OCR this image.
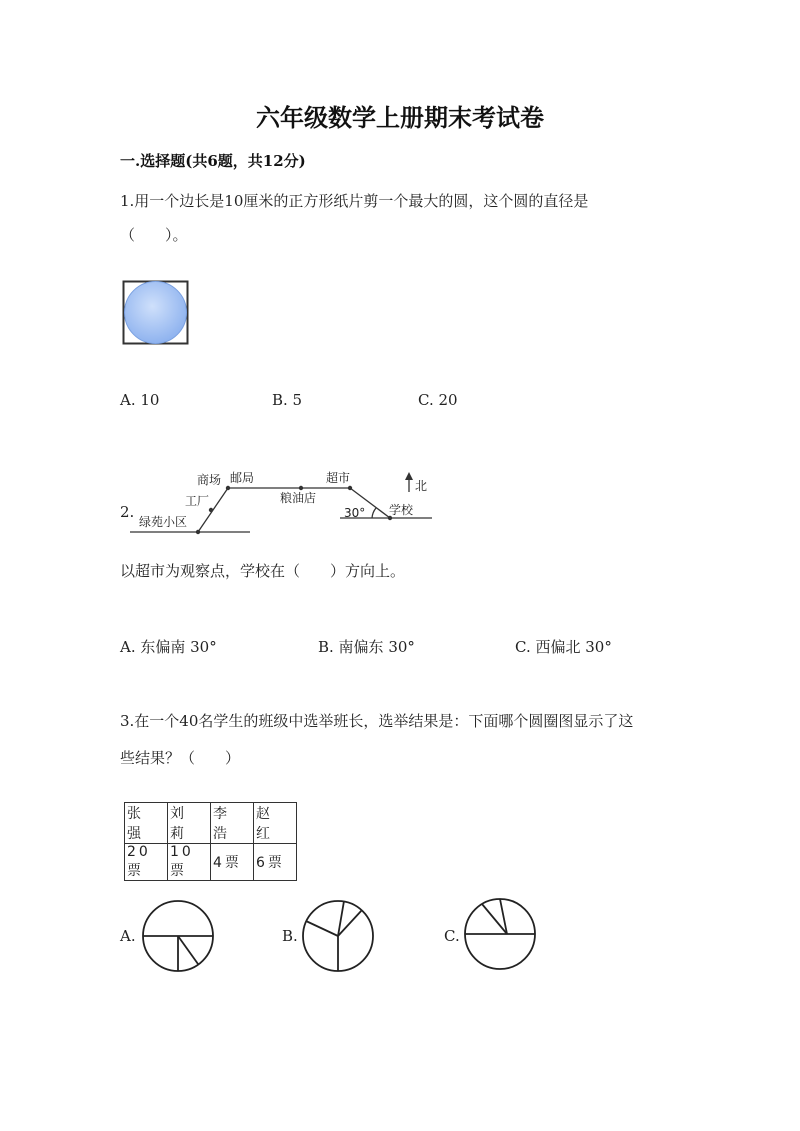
六年级数学上册期末考试卷
一.选择题(共6题，共12分)
1.用一个边长是10厘米的正方形纸片剪一个最大的圆，这个圆的直径是
（　　）。
A. 10	B. 5	C. 20
2.
商场 邮局	超市
北
工厂	粮油店
30° 学校
绿苑小区
以超市为观察点，学校在（　　）方向上。
A. 东偏南 30°	B. 南偏东 30°	C. 西偏北 30°
3.在一个40名学生的班级中选举班长，选举结果是：下面哪个圆圈图显示了这
些结果？（　　）
张 强	刘 莉	李 浩	赵 红
20票	10票	4票	6票
A.	B.	C.
